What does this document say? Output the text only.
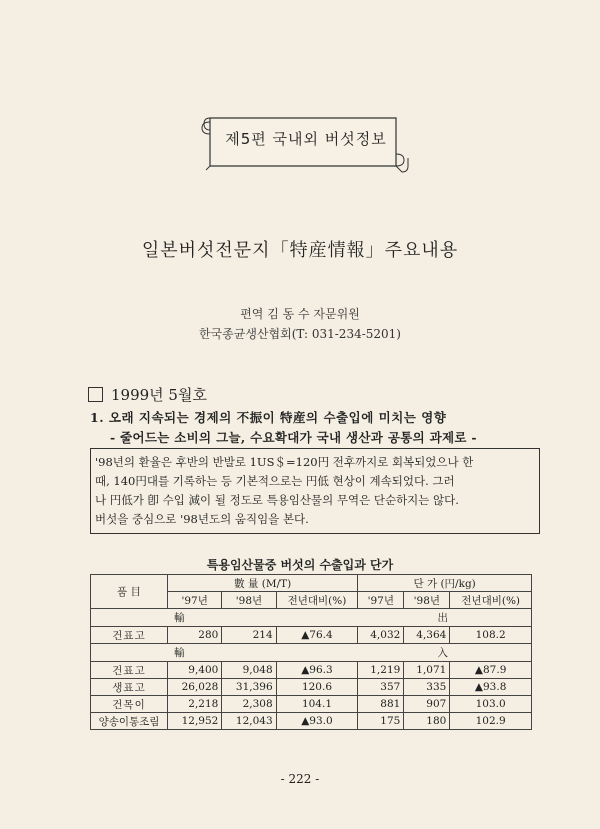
제5편 국내외 버섯정보
일본버섯전문지「特産情報」주요내용
편역 김 동 수 자문위원
한국종균생산협회(T: 031-234-5201)
1999년 5월호
1. 오래 지속되는 경제의 不振이 特産의 수출입에 미치는 영향
- 줄어드는 소비의 그늘, 수요확대가 국내 생산과 공통의 과제로 -
'98년의 환율은 후반의 반발로 1US＄=120円 전후까지로 회복되었으나 한
때, 140円대를 기록하는 등 기본적으로는 円低 현상이 계속되었다. 그러
나 円低가 卽 수입 減이 될 정도로 특용임산물의 무역은 단순하지는 않다.
버섯을 중심으로 '98년도의 움직임을 본다.
특용임산물중 버섯의 수출입과 단가
품 目	數 量 (M/T)			단 가 (円/kg)		
	'97년	'98년	전년대비(%)	'97년	'98년	전년대비(%)

輸 出						

건표고	280	214	▲76.4	4,032	4,364	108.2

輸 入						

건표고	9,400	9,048	▲96.3	1,219	1,071	▲87.9
생표고	26,028	31,396	120.6	357	335	▲93.8
건목이	2,218	2,308	104.1	881	907	103.0
양송이통조림	12,952	12,043	▲93.0	175	180	102.9
- 222 -
